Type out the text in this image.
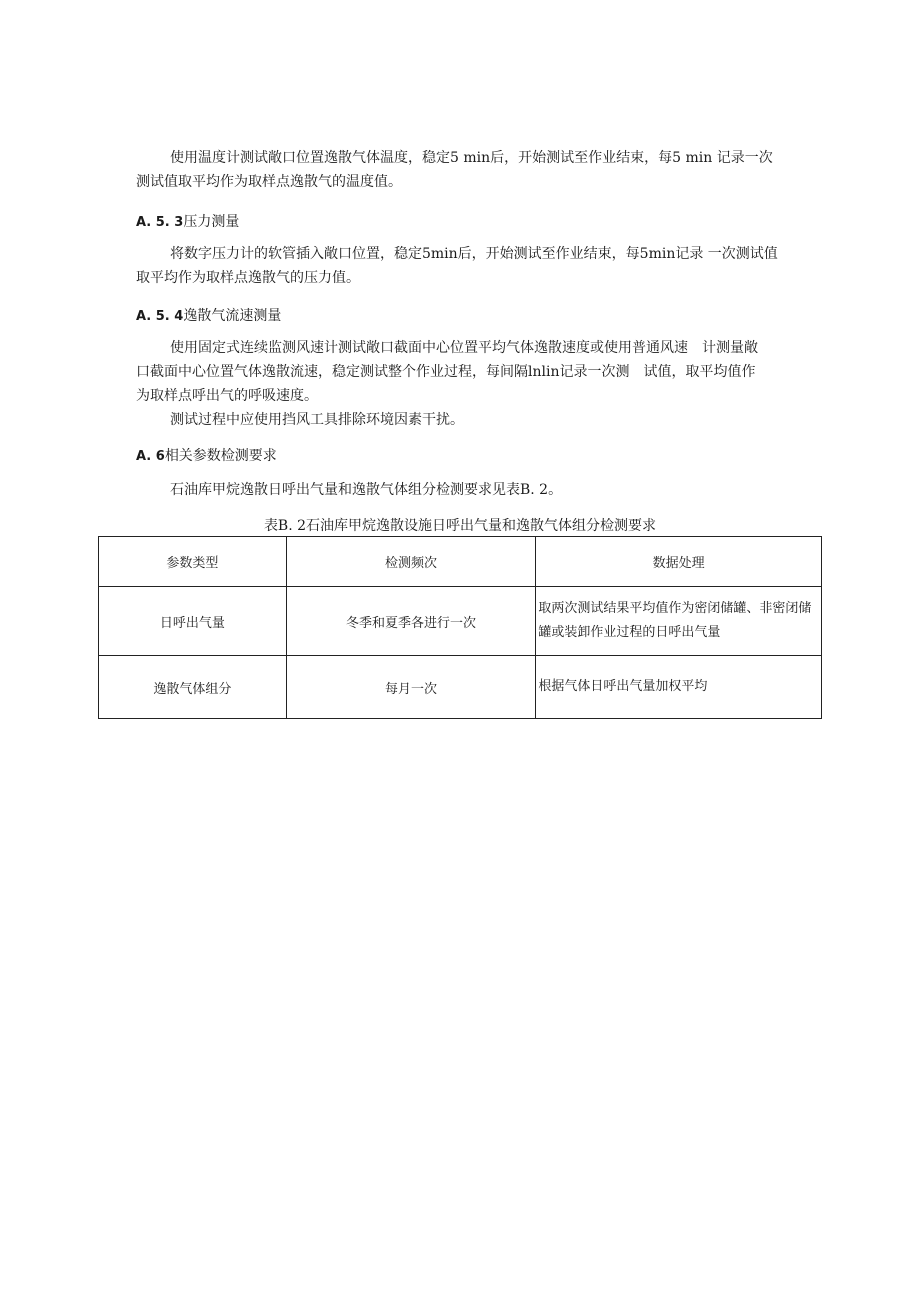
使用温度计测试敞口位置逸散气体温度，稳定5 min后，开始测试至作业结束，每5 min 记录一次
测试值取平均作为取样点逸散气的温度值。

A. 5. 3压力测量

将数字压力计的软管插入敞口位置，稳定5min后，开始测试至作业结束，每5min记录 一次测试值
取平均作为取样点逸散气的压力值。

A. 5. 4逸散气流速测量

使用固定式连续监测风速计测试敞口截面中心位置平均气体逸散速度或使用普通风速　计测量敞
口截面中心位置气体逸散流速，稳定测试整个作业过程，每间隔lnlin记录一次测　试值，取平均值作
为取样点呼出气的呼吸速度。

测试过程中应使用挡风工具排除环境因素干扰。

A. 6相关参数检测要求

石油库甲烷逸散日呼出气量和逸散气体组分检测要求见表B. 2。

表B. 2石油库甲烷逸散设施日呼出气量和逸散气体组分检测要求
参数类型	检测频次	数据处理
日呼出气量	冬季和夏季各进行一次	取两次测试结果平均值作为密闭储罐、非密闭储罐或装卸作业过程的日呼出气量
逸散气体组分	每月一次	根据气体日呼出气量加权平均
